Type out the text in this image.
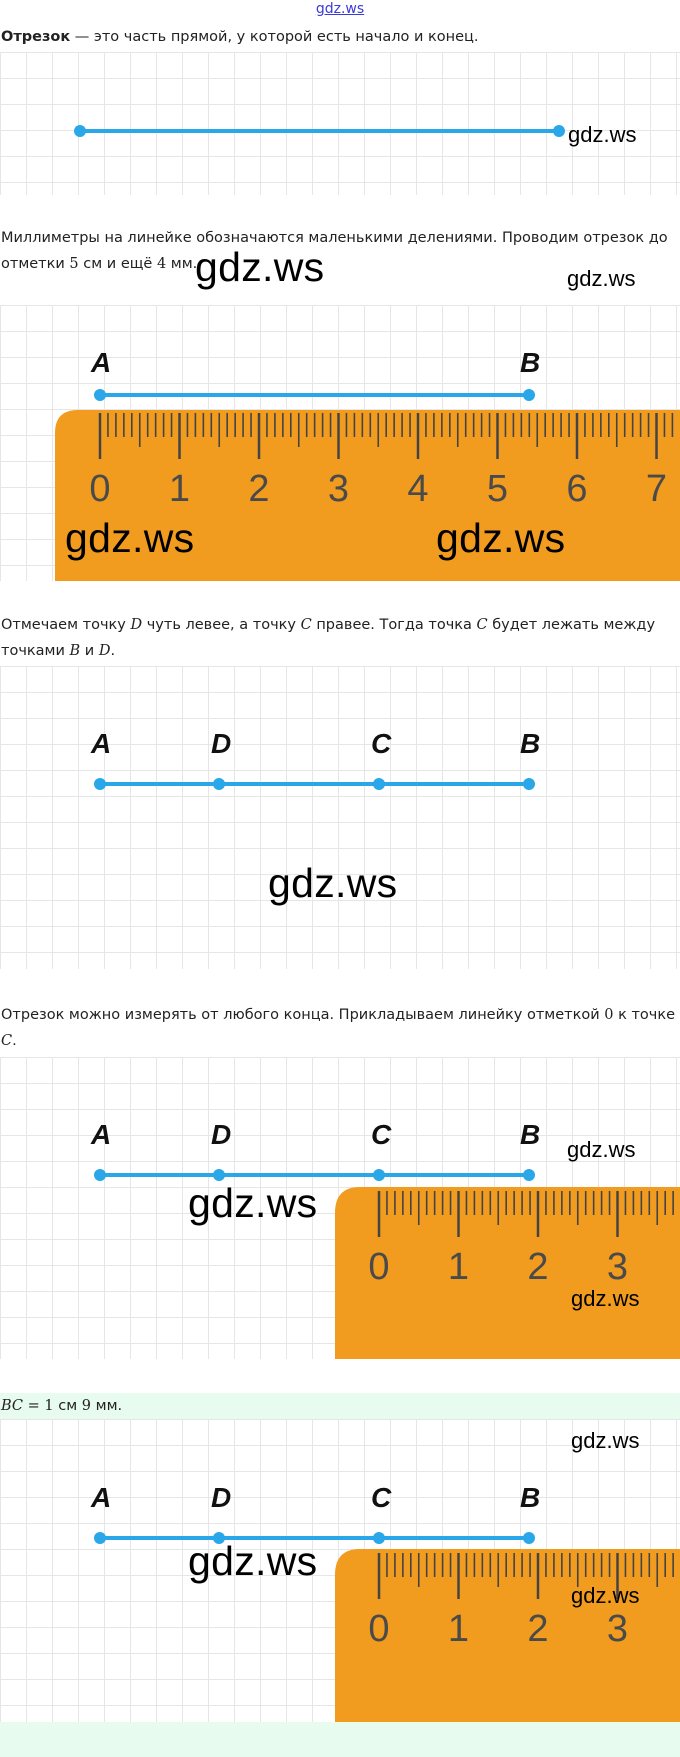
gdz.ws
Отрезок — это часть прямой, у которой есть начало и конец.
gdz.ws
Миллиметры на линейке обозначаются маленькими делениями. Проводим отрезок до
отметки 5 см и ещё 4 мм.
gdz.ws	gdz.ws
A	B
0 1 2 3 4 5 6 7
gdz.ws	gdz.ws
Отмечаем точку D чуть левее, а точку C правее. Тогда точка C будет лежать между
точками B и D.
A	D	C	B
gdz.ws
Отрезок можно измерять от любого конца. Прикладываем линейку отметкой 0 к точке C.
A	D	C	B
0 1 2 3
gdz.ws
gdz.ws
gdz.ws
BC = 1 см 9 мм.
A	D	C	B
0 1 2 3
gdz.ws
gdz.ws
gdz.ws
